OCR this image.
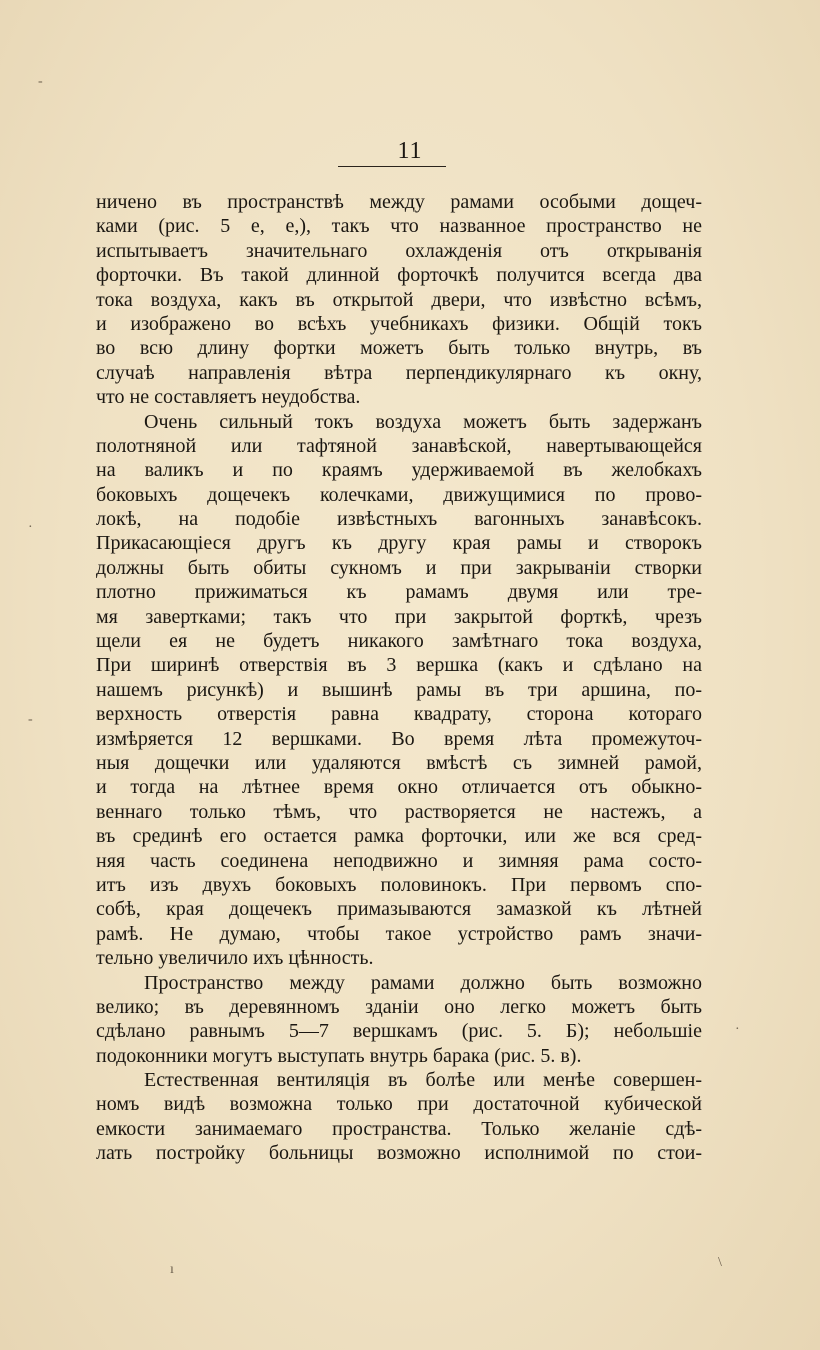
11
ничено въ пространствѣ между рамами особыми дощеч-
ками (рис. 5 е, е,), такъ что названное пространство не
испытываетъ значительнаго охлажденія отъ открыванія
форточки. Въ такой длинной форточкѣ получится всегда два
тока воздуха, какъ въ открытой двери, что извѣстно всѣмъ,
и изображено во всѣхъ учебникахъ физики. Общій токъ
во всю длину фортки можетъ быть только внутрь, въ
случаѣ направленія вѣтра перпендикулярнаго къ окну,
что не составляетъ неудобства.
Очень сильный токъ воздуха можетъ быть задержанъ
полотняной или тафтяной занавѣской, навертывающейся
на валикъ и по краямъ удерживаемой въ желобкахъ
боковыхъ дощечекъ колечками, движущимися по прово-
локѣ, на подобіе извѣстныхъ вагонныхъ занавѣсокъ.
Прикасающіеся другъ къ другу края рамы и створокъ
должны быть обиты сукномъ и при закрываніи створки
плотно прижиматься къ рамамъ двумя или тре-
мя завертками; такъ что при закрытой форткѣ, чрезъ
щели ея не будетъ никакого замѣтнаго тока воздуха,
При ширинѣ отверствія въ 3 вершка (какъ и сдѣлано на
нашемъ рисункѣ) и вышинѣ рамы въ три аршина, по-
верхность отверстія равна квадрату, сторона котораго
измѣряется 12 вершками. Во время лѣта промежуточ-
ныя дощечки или удаляются вмѣстѣ съ зимней рамой,
и тогда на лѣтнее время окно отличается отъ обыкно-
веннаго только тѣмъ, что растворяется не настежъ, а
въ срединѣ его остается рамка форточки, или же вся сред-
няя часть соединена неподвижно и зимняя рама состо-
итъ изъ двухъ боковыхъ половинокъ. При первомъ спо-
собѣ, края дощечекъ примазываются замазкой къ лѣтней
рамѣ. Не думаю, чтобы такое устройство рамъ значи-
тельно увеличило ихъ цѣнность.
Пространство между рамами должно быть возможно
велико; въ деревянномъ зданіи оно легко можетъ быть
сдѣлано равнымъ 5—7 вершкамъ (рис. 5. Б); небольшіе
подоконники могутъ выступать внутрь барака (рис. 5. в).
Естественная вентиляція въ болѣе или менѣе совершен-
номъ видѣ возможна только при достаточной кубической
емкости занимаемаго пространства. Только желаніе сдѣ-
лать постройку больницы возможно исполнимой по стои-
‐
·
‐
·
ı	\
